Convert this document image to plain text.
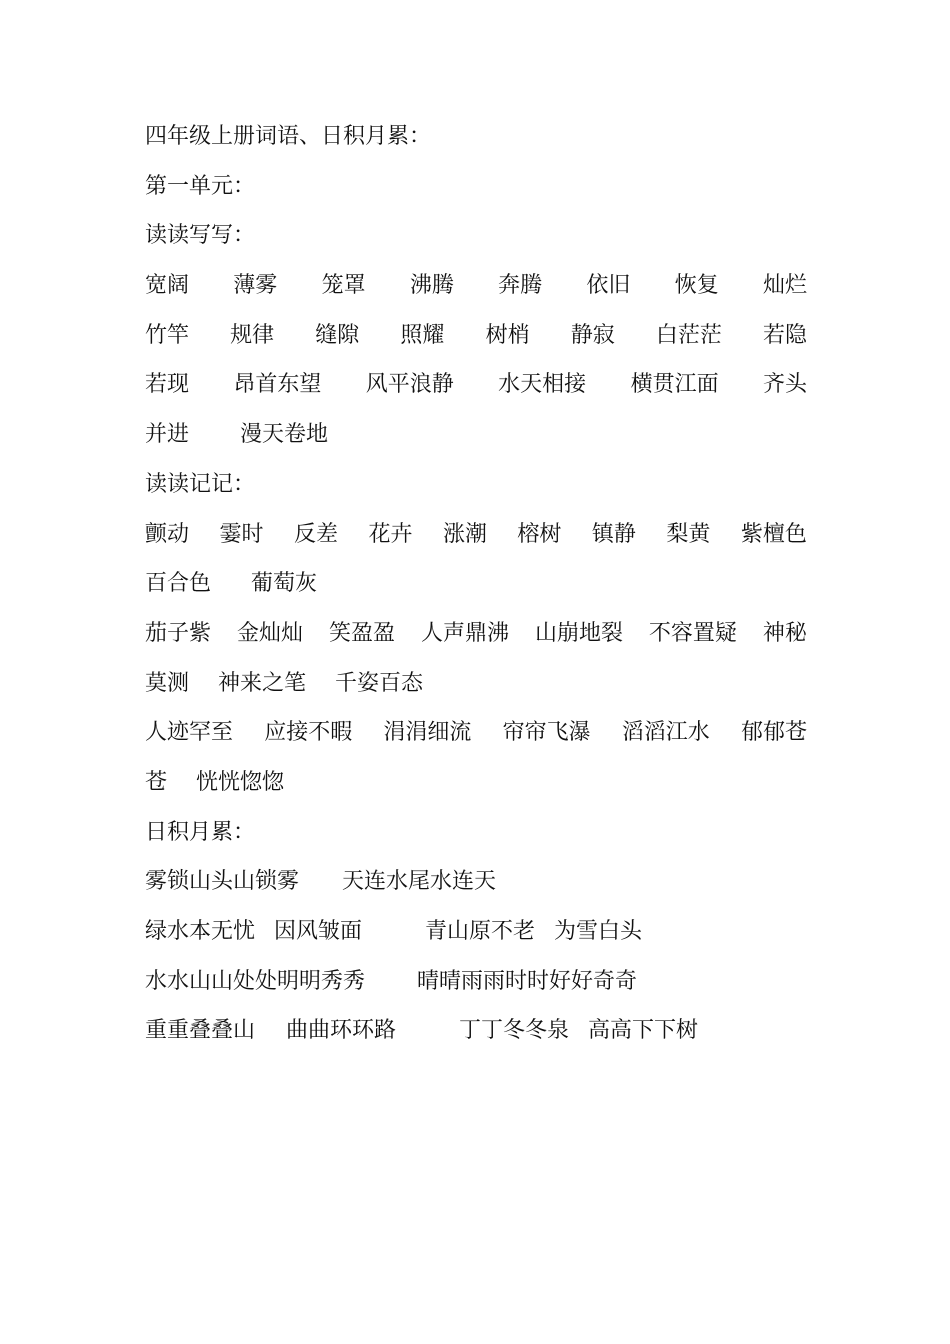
四年级上册词语、日积月累：
第一单元：
读读写写：
宽阔 薄雾 笼罩 沸腾 奔腾 依旧 恢复 灿烂
竹竿 规律 缝隙 照耀 树梢 静寂 白茫茫 若隐
若现 昂首东望 风平浪静 水天相接 横贯江面 齐头
并进 漫天卷地
读读记记：
颤动 霎时 反差 花卉 涨潮 榕树 镇静 梨黄 紫檀色
百合色 葡萄灰
茄子紫 金灿灿 笑盈盈 人声鼎沸 山崩地裂 不容置疑 神秘
莫测 神来之笔 千姿百态
人迹罕至 应接不暇 涓涓细流 帘帘飞瀑 滔滔江水 郁郁苍
苍 恍恍惚惚
日积月累：
雾锁山头山锁雾 天连水尾水连天
绿水本无忧 因风皱面	青山原不老 为雪白头
水水山山处处明明秀秀 晴晴雨雨时时好好奇奇
重重叠叠山 曲曲环环路	丁丁冬冬泉 高高下下树
